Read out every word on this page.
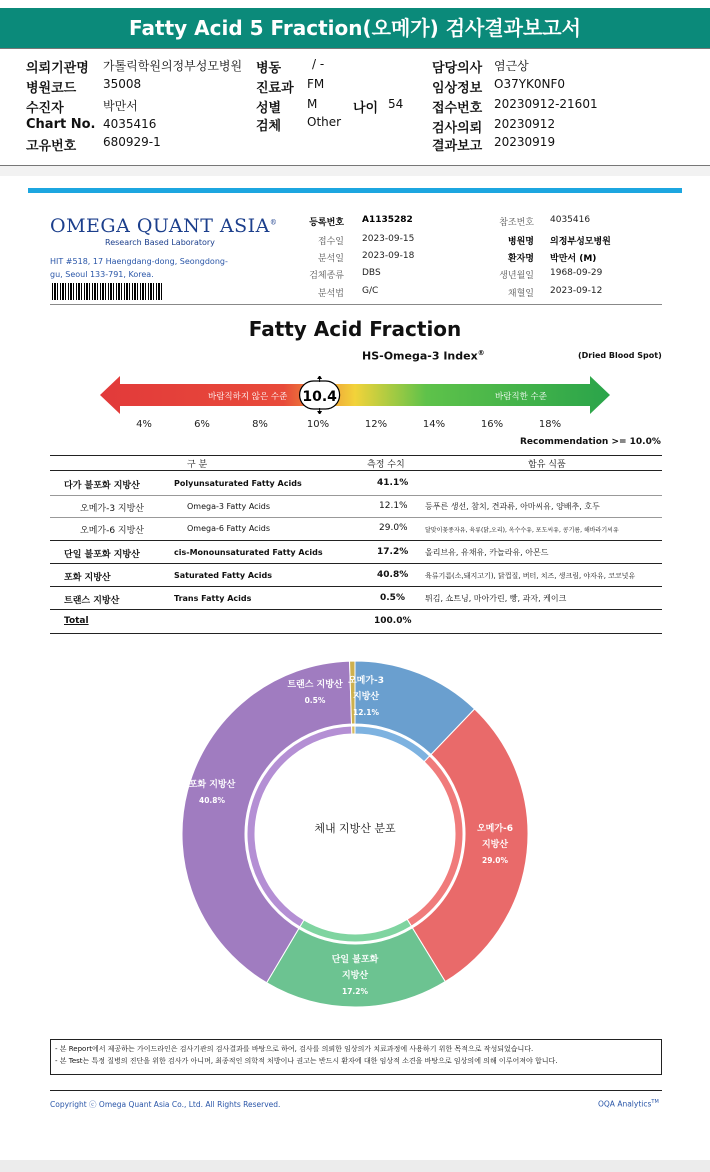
Fatty Acid 5 Fraction(오메가) 검사결과보고서
의뢰기관명 가톨릭학원의정부성모병원
병원코드 35008
수진자	박만서
Chart No. 4035416
고유번호 680929-1
병동	/ -
진료과 FM
성별 M	나이 54
검체 Other
담당의사 염근상
임상정보 O37YK0NF0
접수번호 20230912-21601
검사의뢰 20230912
결과보고 20230919
OMEGA QUANT ASIA®
Research Based Laboratory
HIT #518, 17 Haengdang-dong, Seongdong-gu, Seoul 133-791, Korea.
등록번호 A1135282
접수일 2023-09-15
분석일 2023-09-18
검체종류 DBS
분석법 G/C
참조번호 4035416
병원명 의정부성모병원
환자명 박만서 (M)
생년월일 1968-09-29
채혈일 2023-09-12
Fatty Acid Fraction
HS-Omega-3 Index®	(Dried Blood Spot)
바람직하지 않은 수준	바람직한 수준
10.4
4%	6%	8%	10%	12%	14%	16%	18%
Recommendation >= 10.0%
구 분	측정 수치	함유 식품
다가 불포화 지방산	Polyunsaturated Fatty Acids	41.1%
오메가-3 지방산	Omega-3 Fatty Acids	12.1% 등푸른 생선, 참치, 견과류, 아마씨유, 양배추, 호두
오메가-6 지방산	Omega-6 Fatty Acids	29.0%	달맞이꽃종자유, 육류(닭,오리), 옥수수유, 포도씨유, 콩기름, 해바라기씨유
단일 불포화 지방산	cis-Monounsaturated Fatty Acids	17.2% 올리브유, 유채유, 카놀라유, 아몬드
포화 지방산	Saturated Fatty Acids	40.8% 육류기름(소,돼지고기), 닭껍질, 버터, 치즈, 생크림, 야자유, 코코넛유
트랜스 지방산	Trans Fatty Acids	0.5%	튀김, 쇼트닝, 마아가린, 빵, 과자, 케이크
Total	100.0%
오메가-3
지방산
12.1%
오메가-6
지방산
29.0%
단일 불포화
지방산
17.2%
포화 지방산
40.8%
트랜스 지방산
0.5%
체내 지방산 분포
- 본 Report에서 제공하는 가이드라인은 검사기관의 검사결과를 바탕으로 하여, 검사를 의뢰한 임상의가 치료과정에 사용하기 위한 목적으로 작성되었습니다.
- 본 Test는 특정 질병의 진단을 위한 검사가 아니며, 최종적인 의학적 처방이나 권고는 반드시 환자에 대한 임상적 소견을 바탕으로 임상의에 의해 이루어져야 합니다.
Copyright ⓒ Omega Quant Asia Co., Ltd. All Rights Reserved.	OQA Analytics™
